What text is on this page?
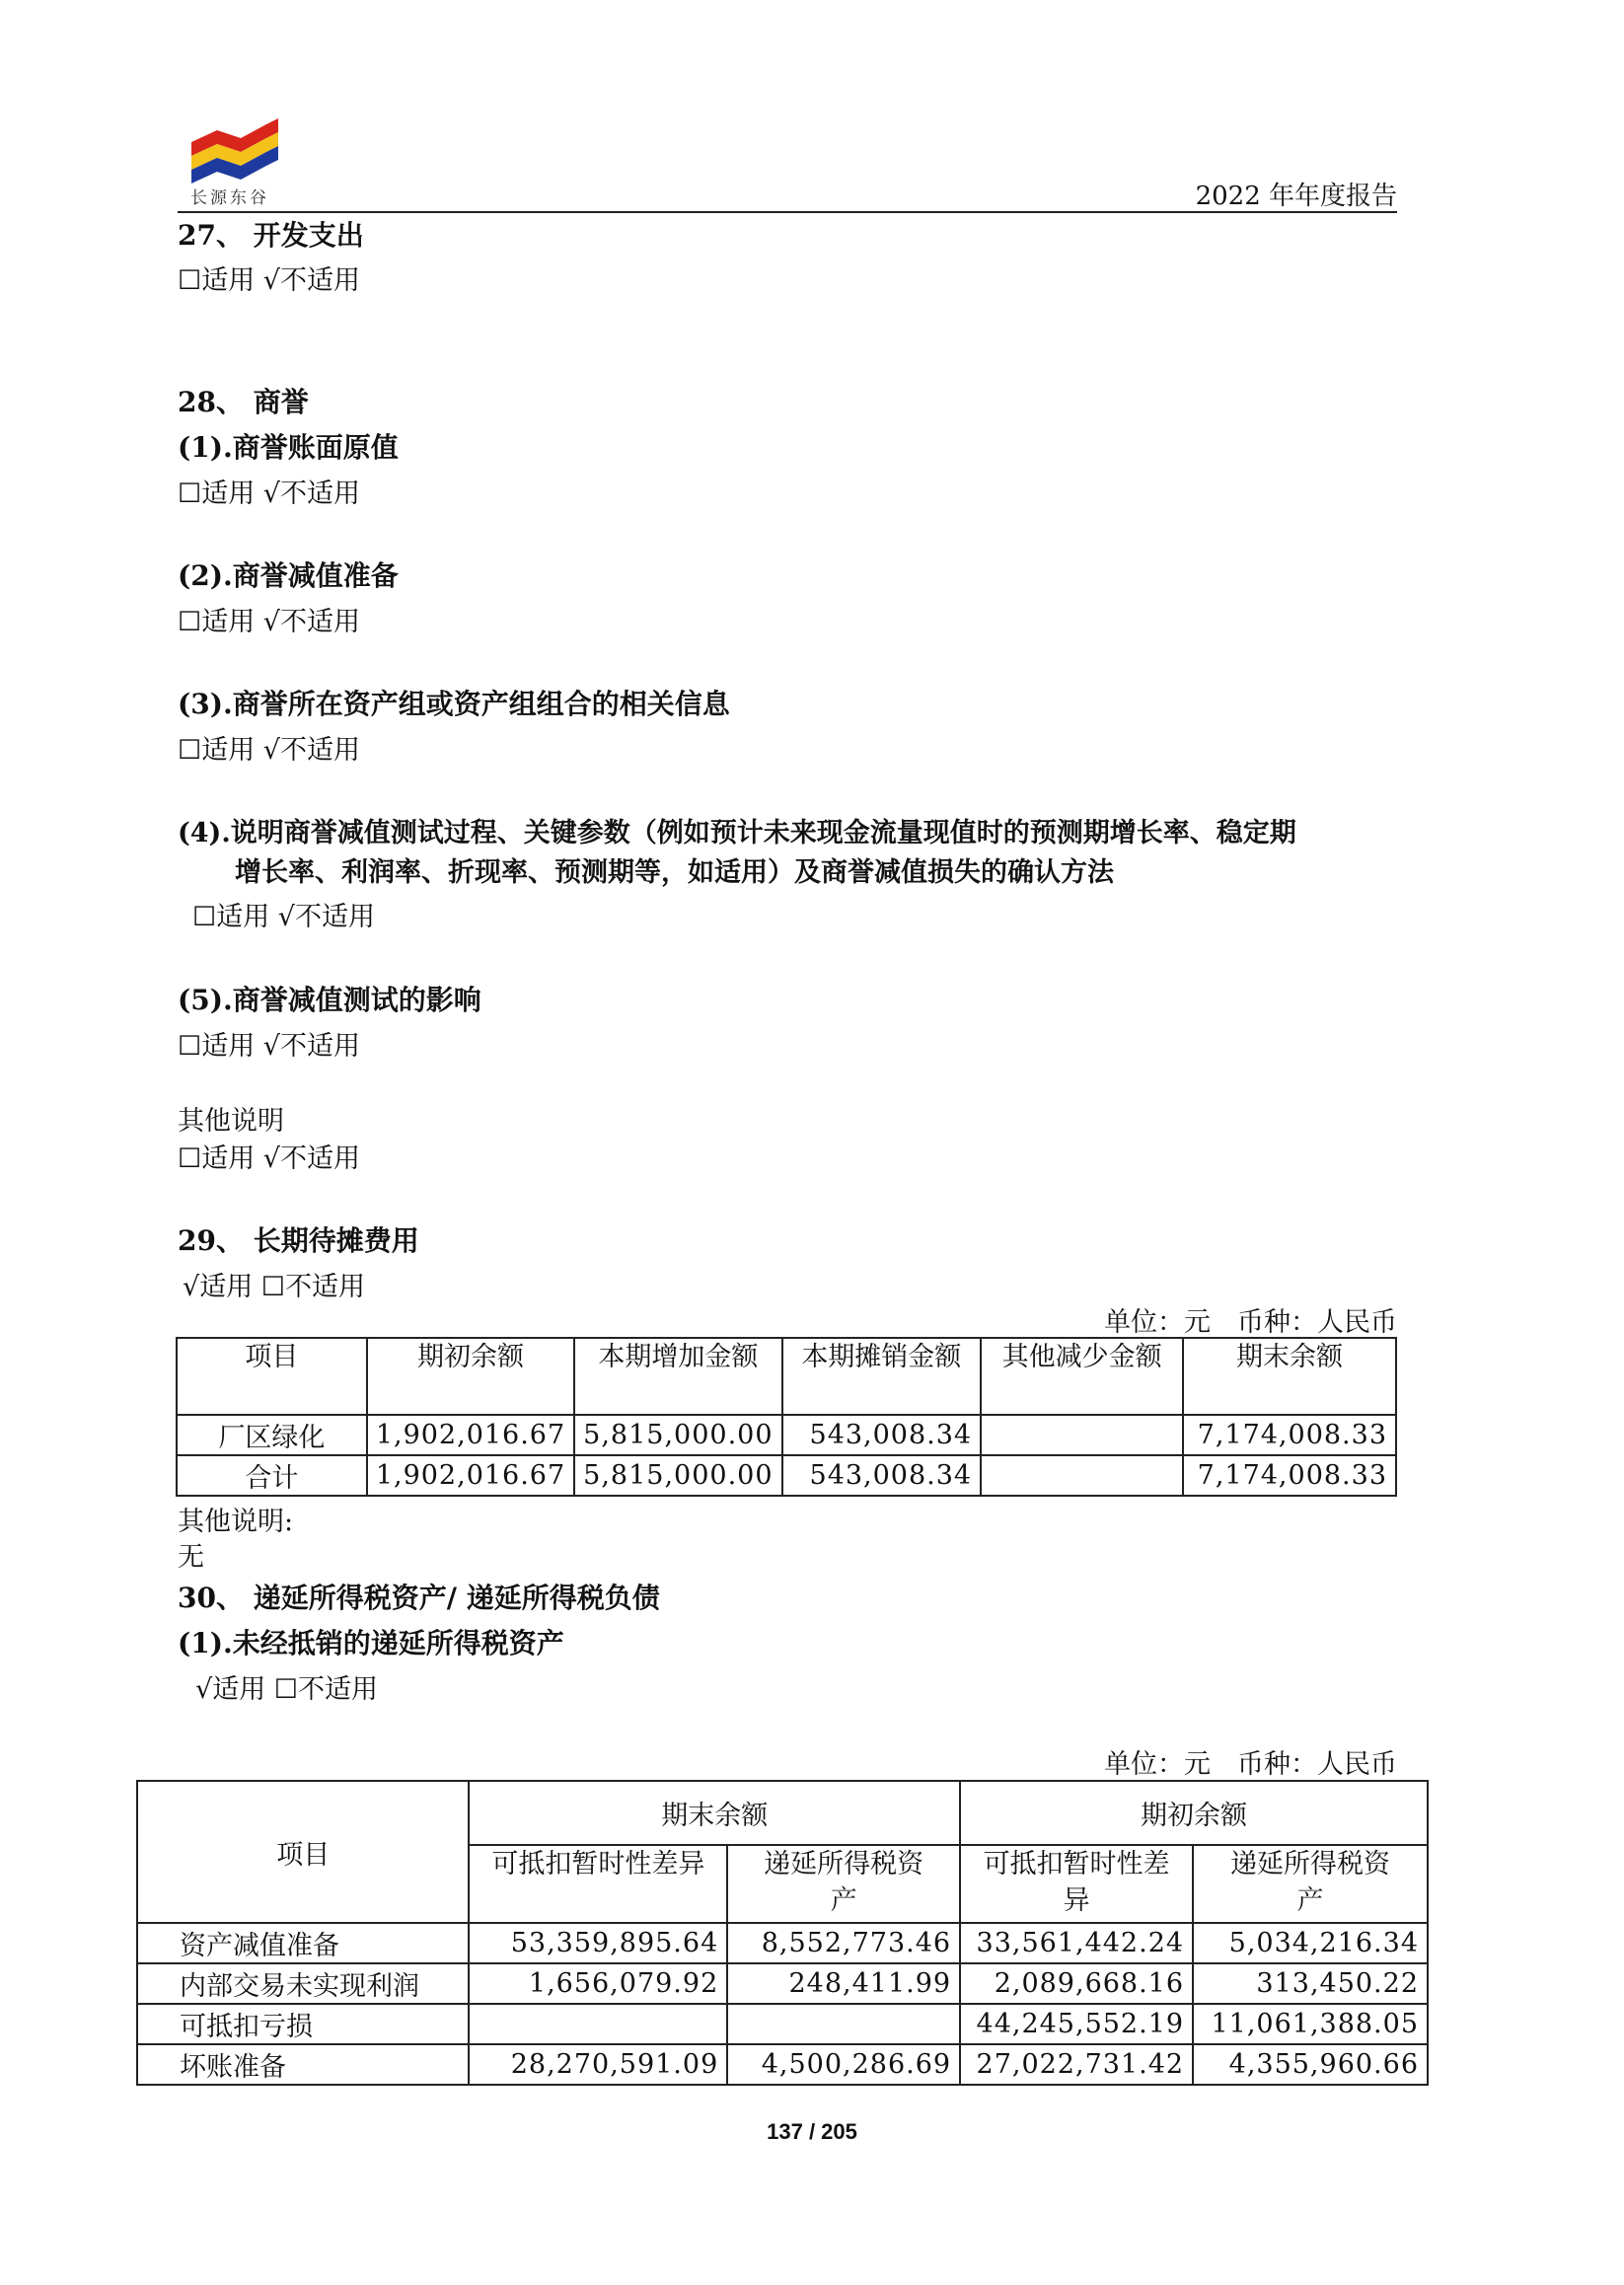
长源东谷	2022 年年度报告
27、 开发支出
☐适用 √不适用
28、 商誉
(1).商誉账面原值
☐适用 √不适用
(2).商誉减值准备
☐适用 √不适用
(3).商誉所在资产组或资产组组合的相关信息
☐适用 √不适用
(4).说明商誉减值测试过程、关键参数（例如预计未来现金流量现值时的预测期增长率、稳定期
增长率、利润率、折现率、预测期等，如适用）及商誉减值损失的确认方法
☐适用 √不适用
(5).商誉减值测试的影响
☐适用 √不适用
其他说明
☐适用 √不适用
29、 长期待摊费用
√适用 ☐不适用
单位：元　币种：人民币
项目	期初余额	本期增加金额	本期摊销金额	其他减少金额	期末余额
厂区绿化	1,902,016.67	5,815,000.00	543,008.34		7,174,008.33
合计	1,902,016.67	5,815,000.00	543,008.34		7,174,008.33
其他说明:
无
30、 递延所得税资产/ 递延所得税负债
(1).未经抵销的递延所得税资产
√适用 ☐不适用
单位：元　币种：人民币
项目	期末余额		期初余额	
	可抵扣暂时性差异	递延所得税资产	可抵扣暂时性差异	递延所得税资产
资产减值准备	53,359,895.64	8,552,773.46	33,561,442.24	5,034,216.34
内部交易未实现利润	1,656,079.92	248,411.99	2,089,668.16	313,450.22
可抵扣亏损			44,245,552.19	11,061,388.05
坏账准备	28,270,591.09	4,500,286.69	27,022,731.42	4,355,960.66
137 / 205
